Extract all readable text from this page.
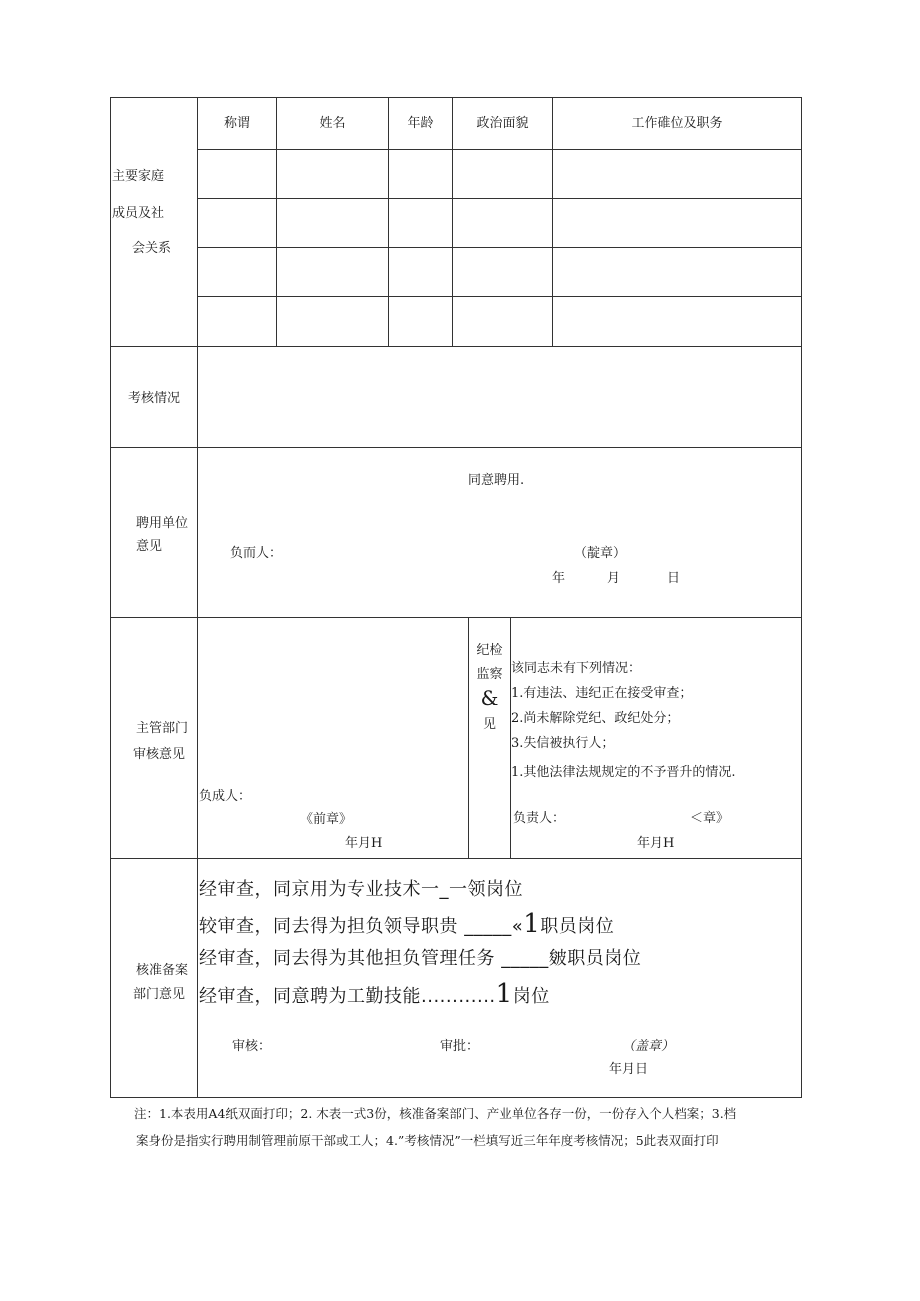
主要家庭
成员及社
会关系
称谓	姓名	年龄	政治面貌	工作碓位及职务
考核情况
聘用单位
意见
同意聘用.
负而人：	（靛章）
年	月	日
主管部门
审核意见
负成人：
《前章》
年月H
纪检
监察
&
见
该同志未有下列情况：
1.有违法、违纪正在接受审查；
2.尚未解除党纪、政纪处分；
3.失信被执行人；
1.其他法律法规规定的不予晋升的情况.
负责人：	＜章》
年月H
核准备案
部门意见
经审查，同京用为专业技术一_一领岗位
较审查，同去得为担负领导职贵 _____«1职员岗位
经审查，同去得为其他担负管理任务 _____皴职员岗位
经审查，同意聘为工勤技能............1岗位
审核：	审批：	（盖章）
年月日
注：1.本表用A4纸双面打印；2. 木表一式3份，核准备案部门、产业单位各存一份，一份存入个人档案；3.档
案身份是指实行聘用制管理前原干部或工人；4.”考核情况”一栏填写近三年年度考核情况；5此表双面打印
